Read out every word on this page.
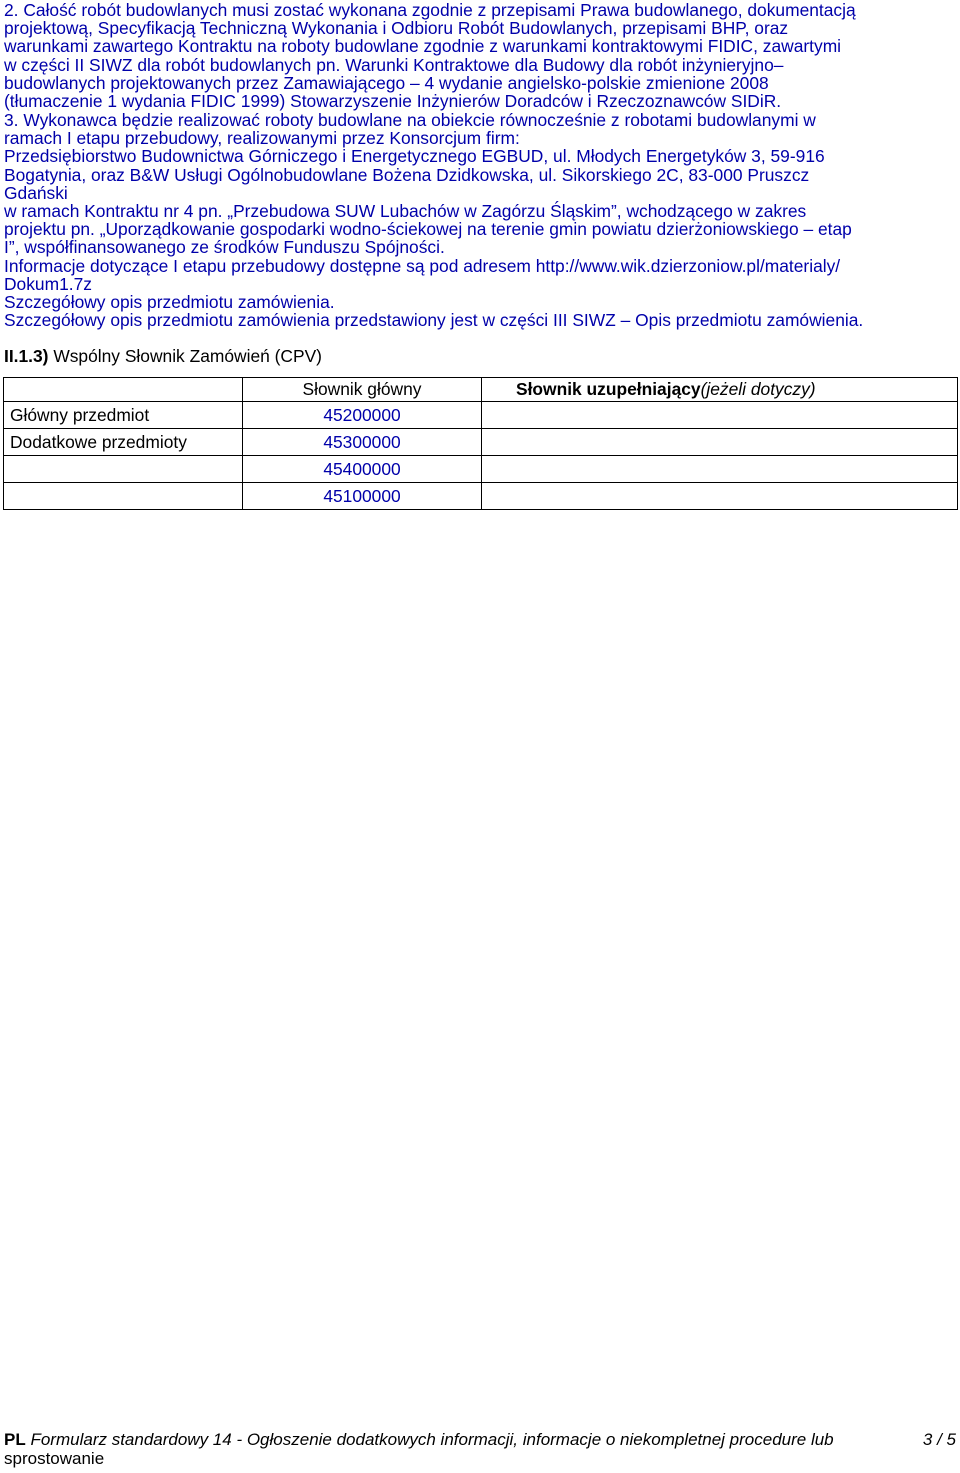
2. Całość robót budowlanych musi zostać wykonana zgodnie z przepisami Prawa budowlanego, dokumentacją
projektową, Specyfikacją Techniczną Wykonania i Odbioru Robót Budowlanych, przepisami BHP, oraz
warunkami zawartego Kontraktu na roboty budowlane zgodnie z warunkami kontraktowymi FIDIC, zawartymi
w części II SIWZ dla robót budowlanych pn. Warunki Kontraktowe dla Budowy dla robót inżynieryjno–
budowlanych projektowanych przez Zamawiającego – 4 wydanie angielsko-polskie zmienione 2008
(tłumaczenie 1 wydania FIDIC 1999) Stowarzyszenie Inżynierów Doradców i Rzeczoznawców SIDiR.
3. Wykonawca będzie realizować roboty budowlane na obiekcie równocześnie z robotami budowlanymi w
ramach I etapu przebudowy, realizowanymi przez Konsorcjum firm:
Przedsiębiorstwo Budownictwa Górniczego i Energetycznego EGBUD, ul. Młodych Energetyków 3, 59-916
Bogatynia, oraz B&W Usługi Ogólnobudowlane Bożena Dzidkowska, ul. Sikorskiego 2C, 83-000 Pruszcz
Gdański
w ramach Kontraktu nr 4 pn. „Przebudowa SUW Lubachów w Zagórzu Śląskim”, wchodzącego w zakres
projektu pn. „Uporządkowanie gospodarki wodno-ściekowej na terenie gmin powiatu dzierżoniowskiego – etap
I”, współfinansowanego ze środków Funduszu Spójności.
Informacje dotyczące I etapu przebudowy dostępne są pod adresem http://www.wik.dzierzoniow.pl/materialy/
Dokum1.7z
Szczegółowy opis przedmiotu zamówienia.
Szczegółowy opis przedmiotu zamówienia przedstawiony jest w części III SIWZ – Opis przedmiotu zamówienia.
II.1.3) Wspólny Słownik Zamówień (CPV)
	Słownik główny	Słownik uzupełniający(jeżeli dotyczy)
Główny przedmiot	45200000	
Dodatkowe przedmioty	45300000	
	45400000	
	45100000	
PL Formularz standardowy 14 - Ogłoszenie dodatkowych informacji, informacje o niekompletnej procedure lub
sprostowanie
3 / 5
